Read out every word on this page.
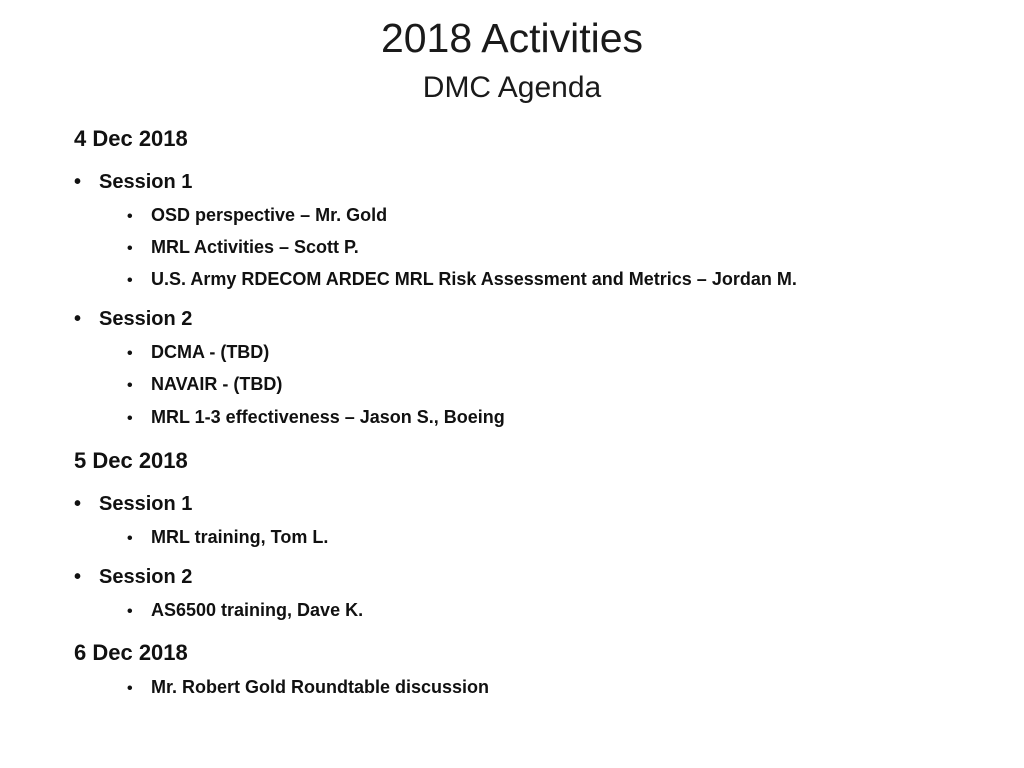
2018 Activities
DMC Agenda
4 Dec 2018
• Session 1
• OSD perspective – Mr. Gold
• MRL Activities – Scott P.
• U.S. Army RDECOM ARDEC MRL Risk Assessment and Metrics – Jordan M.
• Session 2
• DCMA - (TBD)
• NAVAIR - (TBD)
• MRL 1-3 effectiveness – Jason S., Boeing
5 Dec 2018
• Session 1
• MRL training, Tom L.
• Session 2
• AS6500 training, Dave K.
6 Dec 2018
• Mr. Robert Gold Roundtable discussion
